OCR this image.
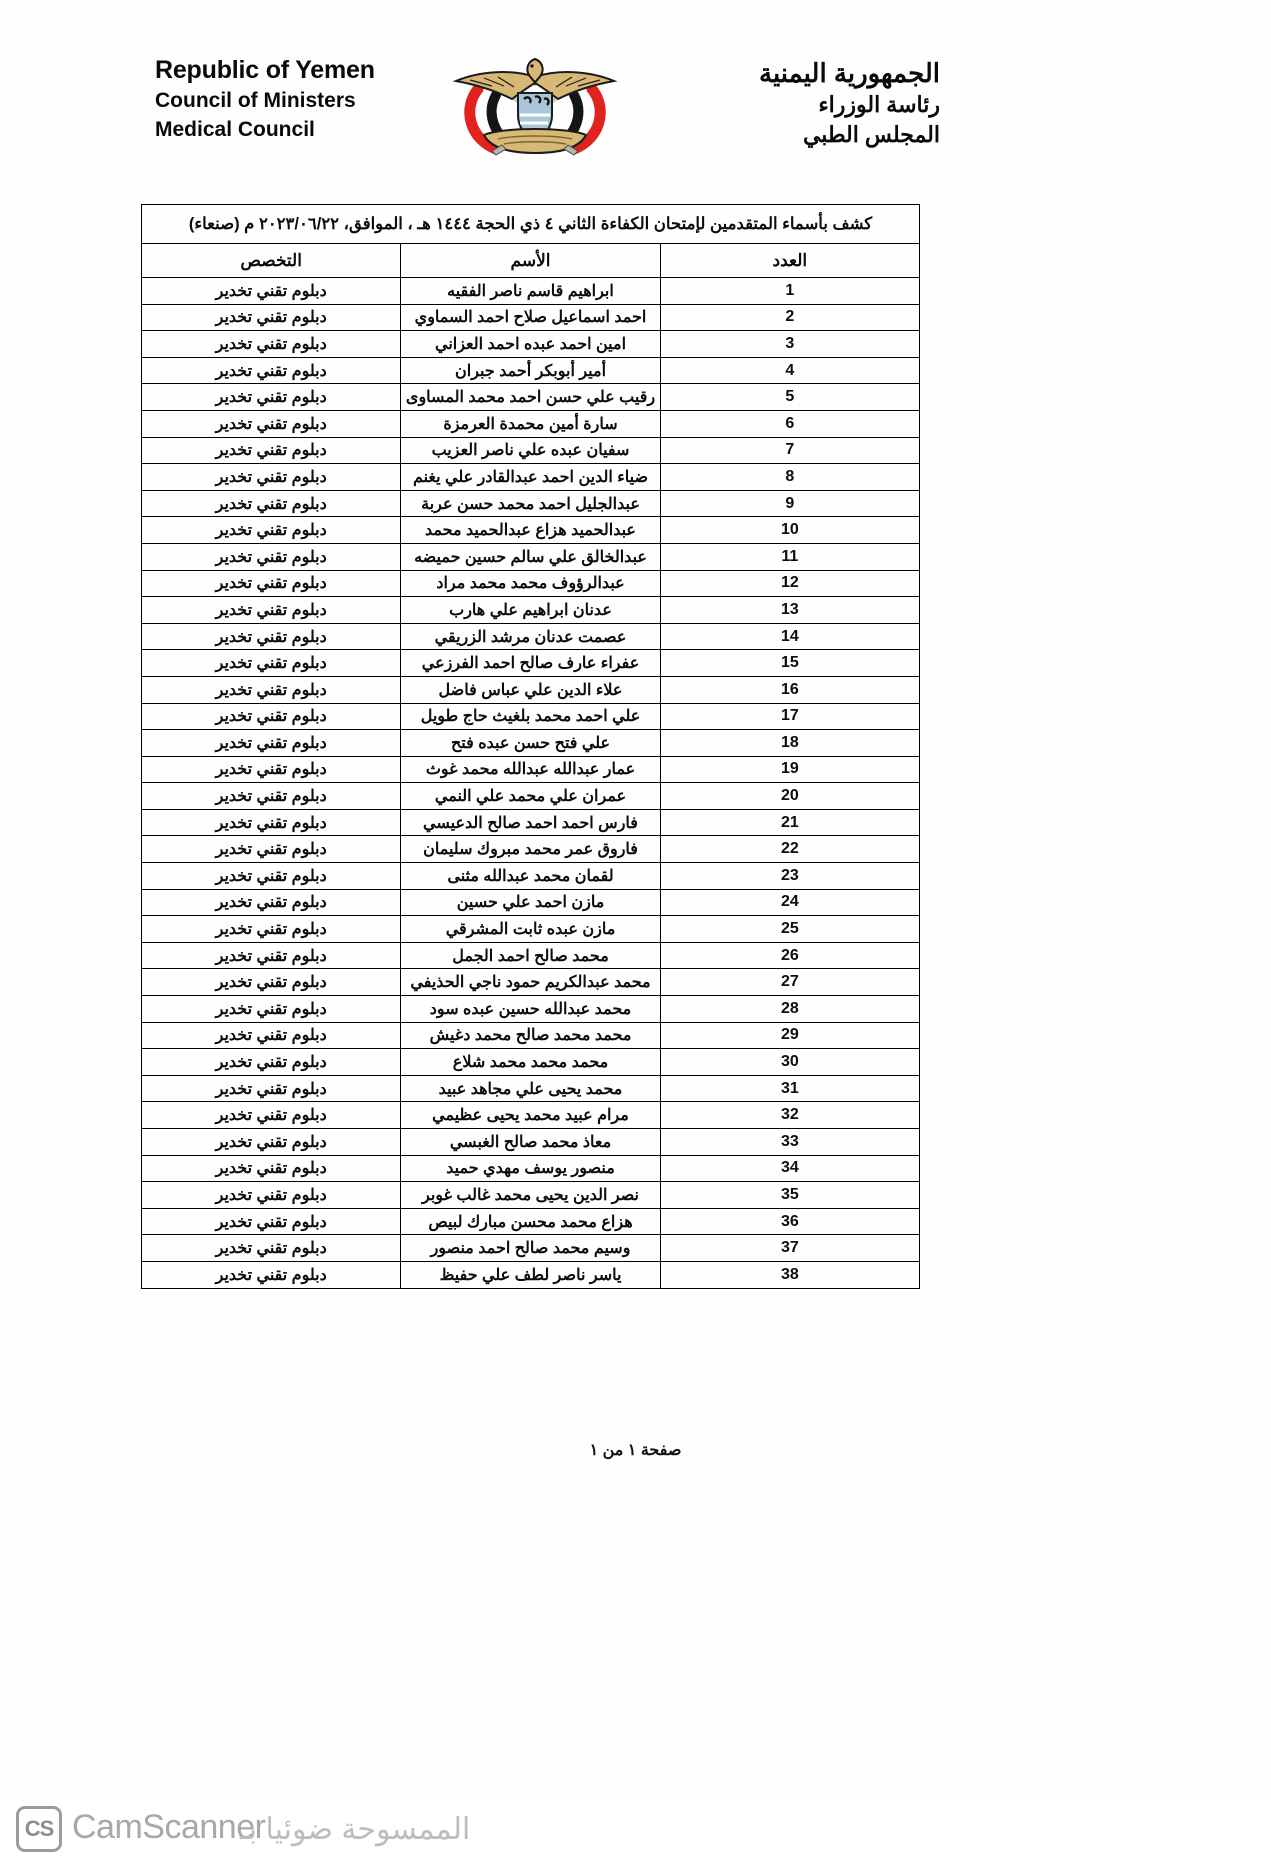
Republic of Yemen
Council of Ministers
Medical Council
الجمهورية اليمنية
رئاسة الوزراء
المجلس الطبي
كشف بأسماء المتقدمين لإمتحان الكفاءة الثاني ٤ ذي الحجة ١٤٤٤ هـ ، الموافق، ٢٠٢٣/٠٦/٢٢ م (صنعاء)		
العدد	الأسم	التخصص
1	ابراهيم قاسم ناصر الفقيه	دبلوم تقني تخدير
2	احمد اسماعيل صلاح احمد السماوي	دبلوم تقني تخدير
3	امين احمد عبده احمد العزاني	دبلوم تقني تخدير
4	أمير أبوبكر أحمد جبران	دبلوم تقني تخدير
5	رقيب علي حسن احمد محمد المساوى	دبلوم تقني تخدير
6	سارة أمين محمدة العرمزة	دبلوم تقني تخدير
7	سفيان عبده علي ناصر العزيب	دبلوم تقني تخدير
8	ضياء الدين احمد عبدالقادر علي يغنم	دبلوم تقني تخدير
9	عبدالجليل احمد محمد حسن عربة	دبلوم تقني تخدير
10	عبدالحميد هزاع عبدالحميد محمد	دبلوم تقني تخدير
11	عبدالخالق علي سالم حسين حميضه	دبلوم تقني تخدير
12	عبدالرؤوف محمد محمد مراد	دبلوم تقني تخدير
13	عدنان ابراهيم علي هارب	دبلوم تقني تخدير
14	عصمت عدنان مرشد الزريقي	دبلوم تقني تخدير
15	عفراء عارف صالح احمد الفرزعي	دبلوم تقني تخدير
16	علاء الدين علي عباس فاضل	دبلوم تقني تخدير
17	علي احمد محمد بلغيث حاج طويل	دبلوم تقني تخدير
18	علي فتح حسن عبده فتح	دبلوم تقني تخدير
19	عمار عبدالله عبدالله محمد غوث	دبلوم تقني تخدير
20	عمران علي محمد علي النمي	دبلوم تقني تخدير
21	فارس احمد احمد صالح الدعيسي	دبلوم تقني تخدير
22	فاروق عمر محمد مبروك سليمان	دبلوم تقني تخدير
23	لقمان محمد عبدالله مثنى	دبلوم تقني تخدير
24	مازن احمد علي حسين	دبلوم تقني تخدير
25	مازن عبده ثابت المشرقي	دبلوم تقني تخدير
26	محمد صالح احمد الجمل	دبلوم تقني تخدير
27	محمد عبدالكريم حمود ناجي الحذيفي	دبلوم تقني تخدير
28	محمد عبدالله حسين عبده سود	دبلوم تقني تخدير
29	محمد محمد صالح محمد دغيش	دبلوم تقني تخدير
30	محمد محمد محمد شلاع	دبلوم تقني تخدير
31	محمد يحيى علي مجاهد عبيد	دبلوم تقني تخدير
32	مرام عبيد محمد يحيى عظيمي	دبلوم تقني تخدير
33	معاذ محمد صالح الغبسي	دبلوم تقني تخدير
34	منصور يوسف مهدي حميد	دبلوم تقني تخدير
35	نصر الدين يحيى محمد غالب غوبر	دبلوم تقني تخدير
36	هزاع محمد محسن مبارك لبيص	دبلوم تقني تخدير
37	وسيم محمد صالح احمد منصور	دبلوم تقني تخدير
38	ياسر ناصر لطف علي حفيظ	دبلوم تقني تخدير
صفحة ١ من ١
CS CamScanner
الممسوحة ضوئيا بـ
